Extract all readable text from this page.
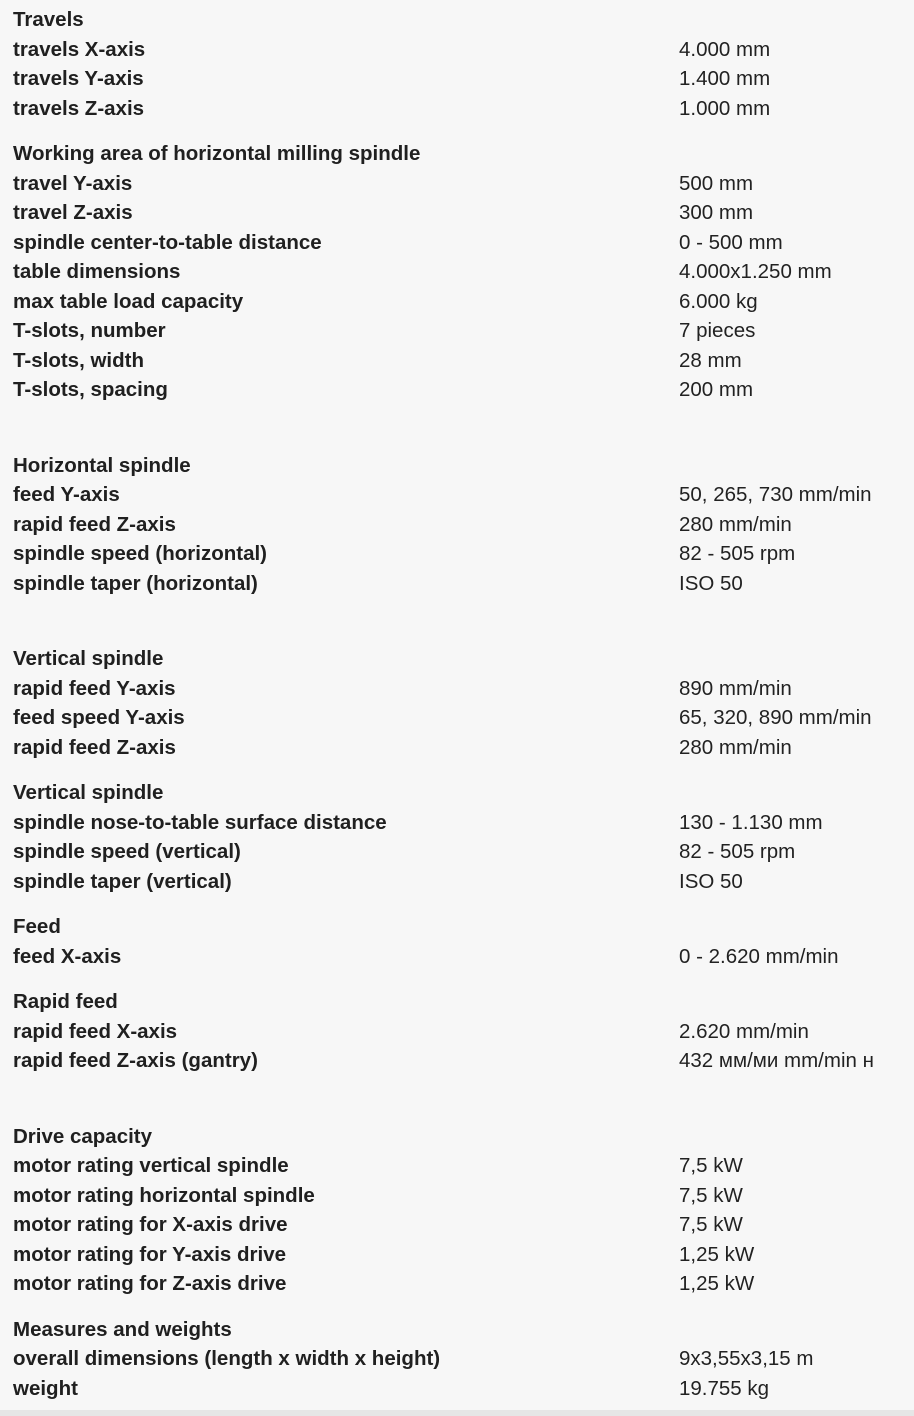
Travels
travels X-axis	4.000 mm
travels Y-axis	1.400 mm
travels Z-axis	1.000 mm
Working area of horizontal milling spindle
travel Y-axis	500 mm
travel Z-axis	300 mm
spindle center-to-table distance	0 - 500 mm
table dimensions	4.000x1.250 mm
max table load capacity	6.000 kg
T-slots, number	7 pieces
T-slots, width	28 mm
T-slots, spacing	200 mm
Horizontal spindle
feed Y-axis	50, 265, 730 mm/min
rapid feed Z-axis	280 mm/min
spindle speed (horizontal)	82 - 505 rpm
spindle taper (horizontal)	ISO 50
Vertical spindle
rapid feed Y-axis	890 mm/min
feed speed Y-axis	65, 320, 890 mm/min
rapid feed Z-axis	280 mm/min
Vertical spindle
spindle nose-to-table surface distance	130 - 1.130 mm
spindle speed (vertical)	82 - 505 rpm
spindle taper (vertical)	ISO 50
Feed
feed X-axis	0 - 2.620 mm/min
Rapid feed
rapid feed X-axis	2.620 mm/min
rapid feed Z-axis (gantry)	432 мм/ми mm/min н
Drive capacity
motor rating vertical spindle	7,5 kW
motor rating horizontal spindle	7,5 kW
motor rating for X-axis drive	7,5 kW
motor rating for Y-axis drive	1,25 kW
motor rating for Z-axis drive	1,25 kW
Measures and weights
overall dimensions (length x width x height)	9x3,55x3,15 m
weight	19.755 kg
